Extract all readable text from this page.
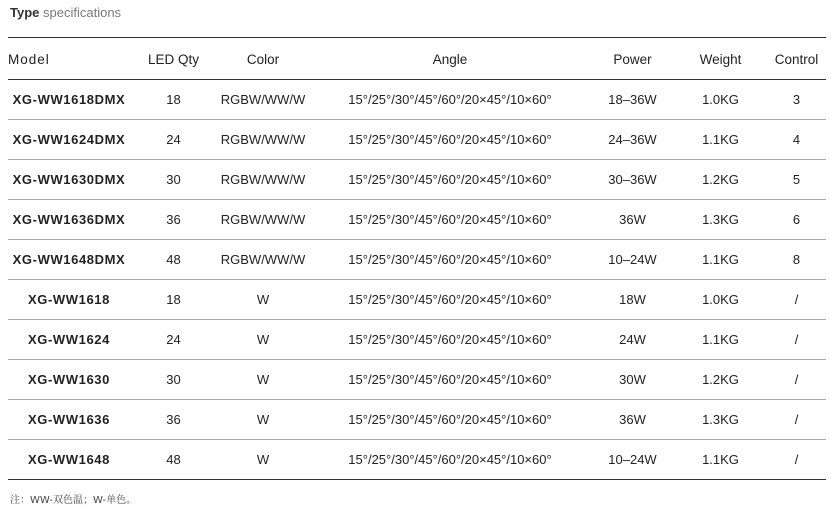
Type specifications
Model	LED Qty	Color	Angle	Power	Weight	Control
XG-WW1618DMX	18	RGBW/WW/W	15°/25°/30°/45°/60°/20×45°/10×60°	18–36W	1.0KG	3
XG-WW1624DMX	24	RGBW/WW/W	15°/25°/30°/45°/60°/20×45°/10×60°	24–36W	1.1KG	4
XG-WW1630DMX	30	RGBW/WW/W	15°/25°/30°/45°/60°/20×45°/10×60°	30–36W	1.2KG	5
XG-WW1636DMX	36	RGBW/WW/W	15°/25°/30°/45°/60°/20×45°/10×60°	36W	1.3KG	6
XG-WW1648DMX	48	RGBW/WW/W	15°/25°/30°/45°/60°/20×45°/10×60°	10–24W	1.1KG	8
XG-WW1618	18	W	15°/25°/30°/45°/60°/20×45°/10×60°	18W	1.0KG	/
XG-WW1624	24	W	15°/25°/30°/45°/60°/20×45°/10×60°	24W	1.1KG	/
XG-WW1630	30	W	15°/25°/30°/45°/60°/20×45°/10×60°	30W	1.2KG	/
XG-WW1636	36	W	15°/25°/30°/45°/60°/20×45°/10×60°	36W	1.3KG	/
XG-WW1648	48	W	15°/25°/30°/45°/60°/20×45°/10×60°	10–24W	1.1KG	/
注：WW-双色温；W-单色。
